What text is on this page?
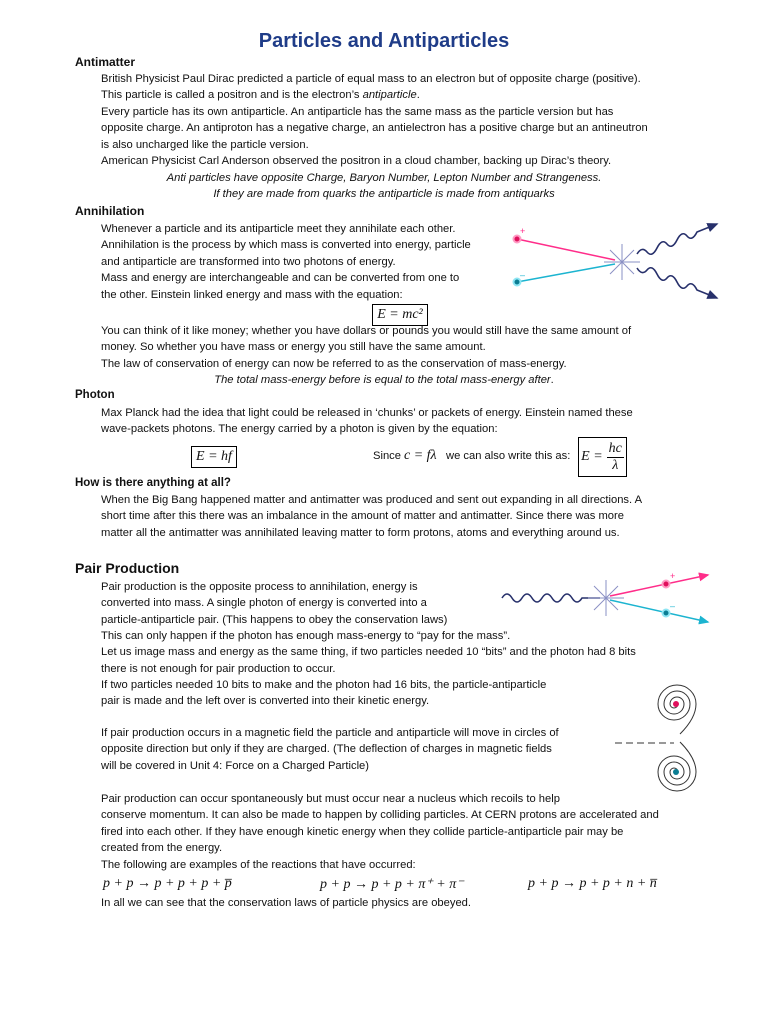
Particles and Antiparticles
Antimatter
British Physicist Paul Dirac predicted a particle of equal mass to an electron but of opposite charge (positive).
This particle is called a positron and is the electron’s antiparticle.
Every particle has its own antiparticle. An antiparticle has the same mass as the particle version but has
opposite charge. An antiproton has a negative charge, an antielectron has a positive charge but an antineutron
is also uncharged like the particle version.
American Physicist Carl Anderson observed the positron in a cloud chamber, backing up Dirac’s theory.
Anti particles have opposite Charge, Baryon Number, Lepton Number and Strangeness.
If they are made from quarks the antiparticle is made from antiquarks
Annihilation
Whenever a particle and its antiparticle meet they annihilate each other.
Annihilation is the process by which mass is converted into energy, particle
and antiparticle are transformed into two photons of energy.
Mass and energy are interchangeable and can be converted from one to
the other. Einstein linked energy and mass with the equation:
E = mc²
+
–
You can think of it like money; whether you have dollars or pounds you would still have the same amount of
money. So whether you have mass or energy you still have the same amount.
The law of conservation of energy can now be referred to as the conservation of mass-energy.
The total mass-energy before is equal to the total mass-energy after.
Photon
Max Planck had the idea that light could be released in ‘chunks’ or packets of energy. Einstein named these
wave-packets photons. The energy carried by a photon is given by the equation:
E = hf	Since c = fλ we can also write this as: $E = \frac{hc}{\lambda}$
How is there anything at all?
When the Big Bang happened matter and antimatter was produced and sent out expanding in all directions. A
short time after this there was an imbalance in the amount of matter and antimatter. Since there was more
matter all the antimatter was annihilated leaving matter to form protons, atoms and everything around us.
Pair Production
Pair production is the opposite process to annihilation, energy is
converted into mass. A single photon of energy is converted into a
particle-antiparticle pair. (This happens to obey the conservation laws)
+
–
This can only happen if the photon has enough mass-energy to “pay for the mass”.
Let us image mass and energy as the same thing, if two particles needed 10 “bits” and the photon had 8 bits
there is not enough for pair production to occur.
If two particles needed 10 bits to make and the photon had 16 bits, the particle-antiparticle
pair is made and the left over is converted into their kinetic energy.
If pair production occurs in a magnetic field the particle and antiparticle will move in circles of
opposite direction but only if they are charged. (The deflection of charges in magnetic fields
will be covered in Unit 4: Force on a Charged Particle)
Pair production can occur spontaneously but must occur near a nucleus which recoils to help
conserve momentum. It can also be made to happen by colliding particles. At CERN protons are accelerated and
fired into each other. If they have enough kinetic energy when they collide particle-antiparticle pair may be
created from the energy.
The following are examples of the reactions that have occurred:
p + p → p + p + p + p̅	p + p → p + p + π⁺ + π⁻	p + p → p + p + n + n̅
In all we can see that the conservation laws of particle physics are obeyed.
